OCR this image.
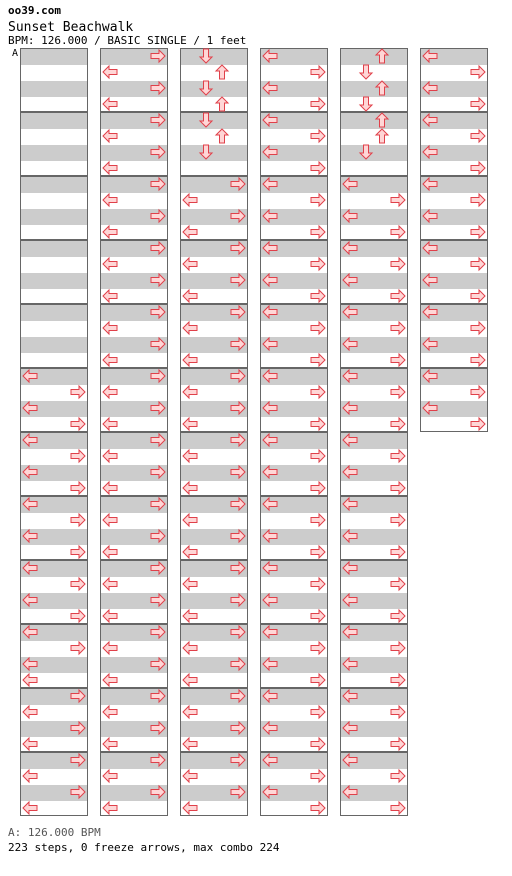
oo39.com
Sunset Beachwalk
BPM: 126.000 / BASIC SINGLE / 1 feet
A
A: 126.000 BPM
223 steps, 0 freeze arrows, max combo 224
